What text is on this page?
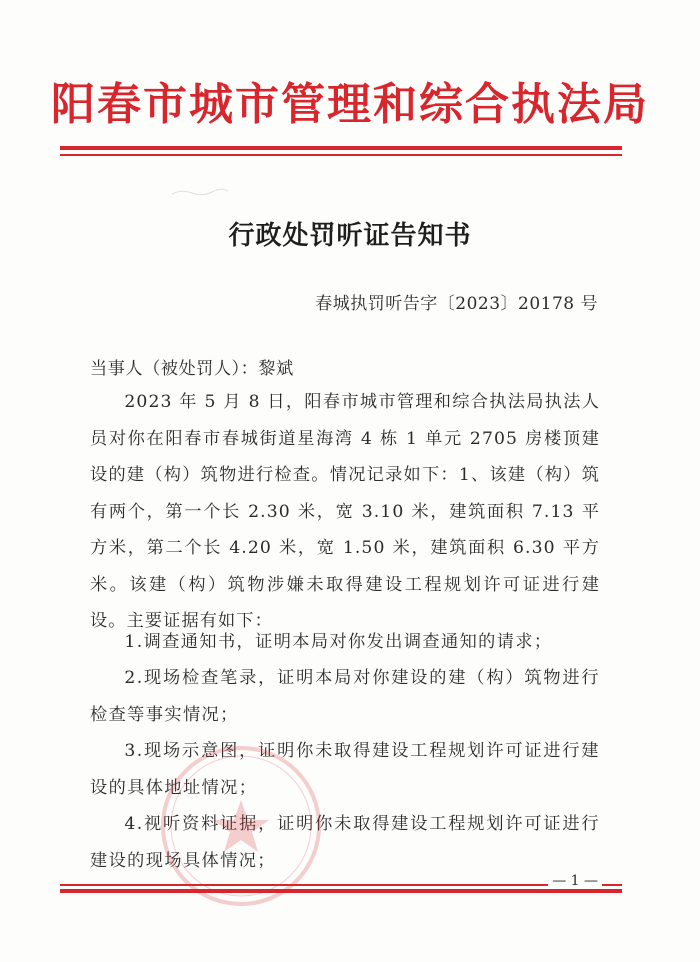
阳春市城市管理和综合执法局
行政处罚听证告知书
春城执罚听告字〔2023〕20178 号
当事人（被处罚人）：黎斌

2023 年 5 月 8 日，阳春市城市管理和综合执法局执法人员对你在阳春市春城街道星海湾 4 栋 1 单元 2705 房楼顶建设的建（构）筑物进行检查。情况记录如下：1、该建（构）筑有两个，第一个长 2.30 米，宽 3.10 米，建筑面积 7.13 平方米，第二个长 4.20 米，宽 1.50 米，建筑面积 6.30 平方米。该建（构）筑物涉嫌未取得建设工程规划许可证进行建设。主要证据有如下：

1.调查通知书，证明本局对你发出调查通知的请求；
2.现场检查笔录，证明本局对你建设的建（构）筑物进行检查等事实情况；
3.现场示意图，证明你未取得建设工程规划许可证进行建设的具体地址情况；
4.视听资料证据，证明你未取得建设工程规划许可证进行建设的现场具体情况；
— 1 —
